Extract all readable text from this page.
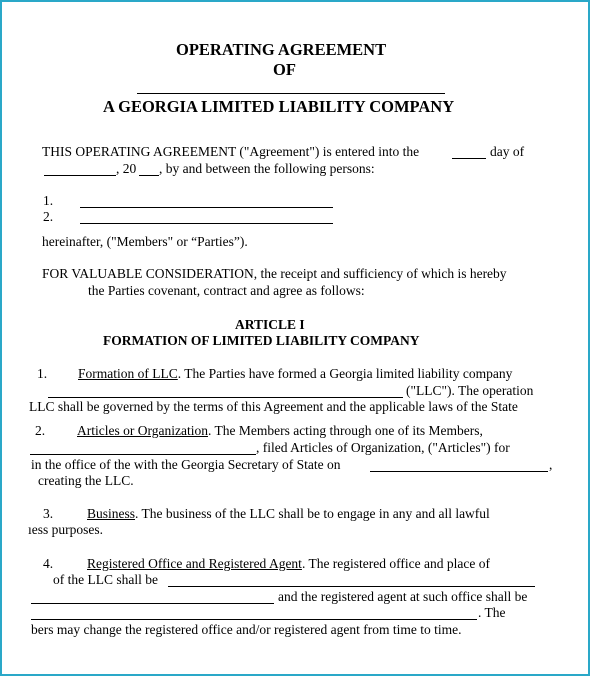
OPERATING AGREEMENT
OF
A GEORGIA LIMITED LIABILITY COMPANY
THIS OPERATING AGREEMENT ("Agreement") is entered into the	day of
, 20 , by and between the following persons:
1.
2.
hereinafter, ("Members" or “Parties”).
FOR VALUABLE CONSIDERATION, the receipt and sufficiency of which is hereby
the Parties covenant, contract and agree as follows:
ARTICLE I
FORMATION OF LIMITED LIABILITY COMPANY
1. Formation of LLC. The Parties have formed a Georgia limited liability company
("LLC"). The operation
LLC shall be governed by the terms of this Agreement and the applicable laws of the State
2. Articles or Organization. The Members acting through one of its Members,
, filed Articles of Organization, ("Articles") for
in the office of the with the Georgia Secretary of State on	,
creating the LLC.
3.	Business. The business of the LLC shall be to engage in any and all lawful
ıess purposes.
4.	Registered Office and Registered Agent. The registered office and place of
of the LLC shall be
and the registered agent at such office shall be
. The
bers may change the registered office and/or registered agent from time to time.
